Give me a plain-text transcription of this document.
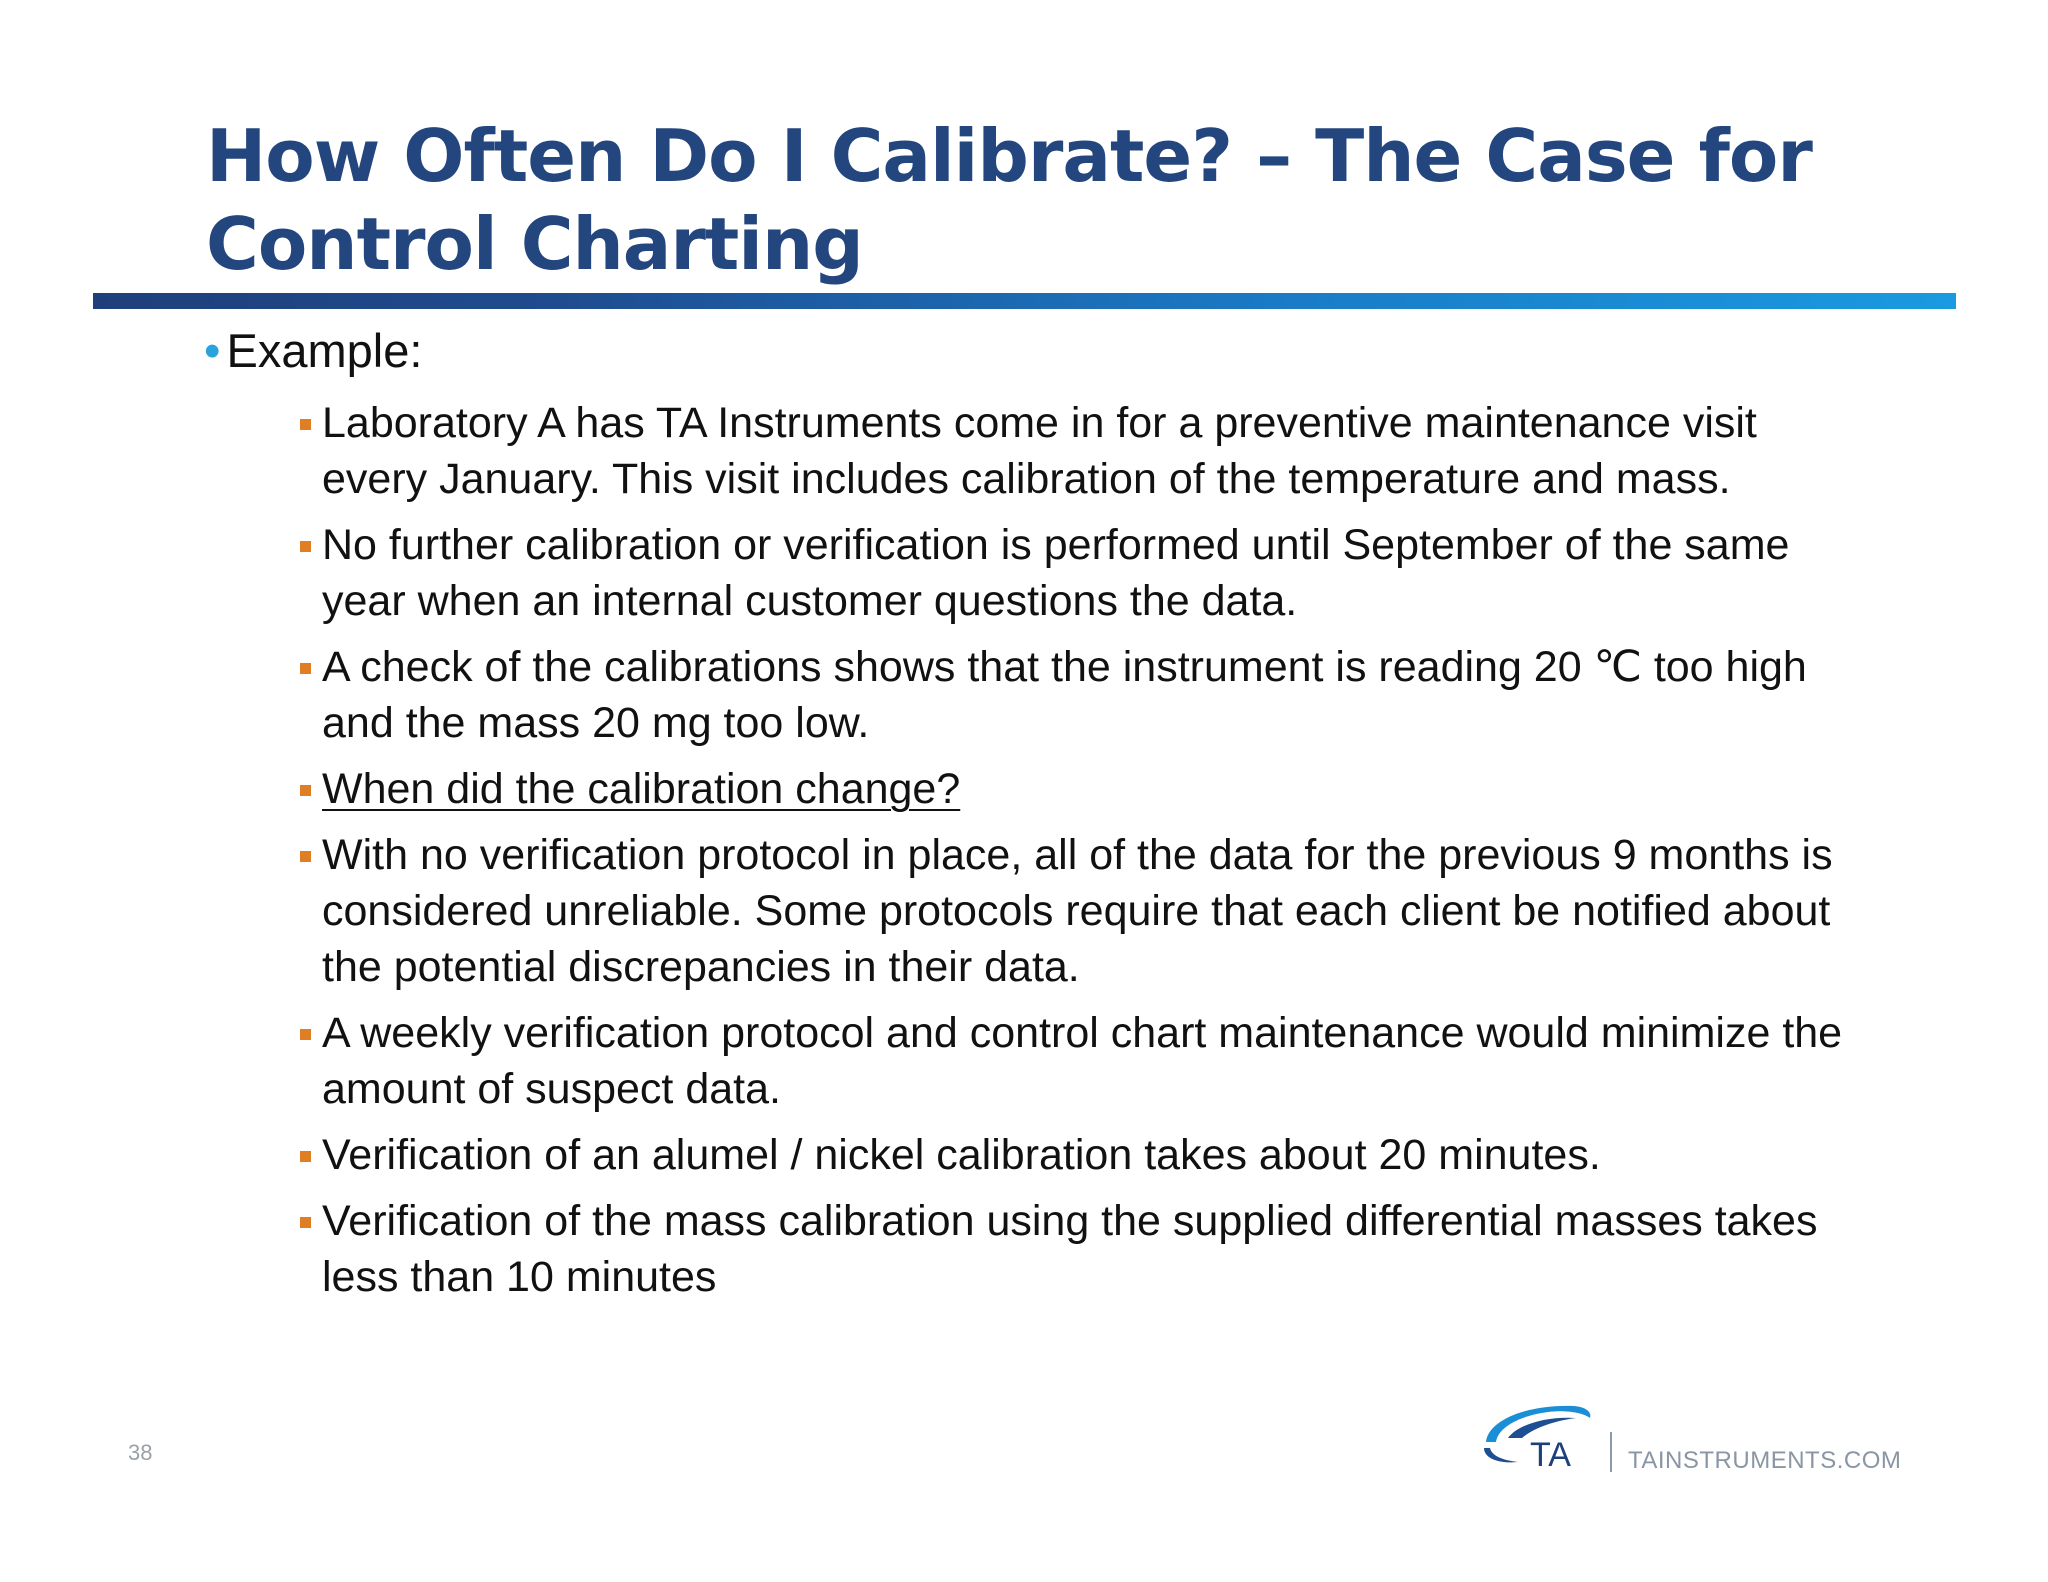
How Often Do I Calibrate? – The Case for
Control Charting
• Example:
Laboratory A has TA Instruments come in for a preventive maintenance visit every January. This visit includes calibration of the temperature and mass.
No further calibration or verification is performed until September of the same year when an internal customer questions the data.
A check of the calibrations shows that the instrument is reading 20 ℃ too high and the mass 20 mg too low.
When did the calibration change?
With no verification protocol in place, all of the data for the previous 9 months is considered unreliable. Some protocols require that each client be notified about the potential discrepancies in their data.
A weekly verification protocol and control chart maintenance would minimize the amount of suspect data.
Verification of an alumel / nickel calibration takes about 20 minutes.
Verification of the mass calibration using the supplied differential masses takes less than 10 minutes
38	TA TAINSTRUMENTS.COM
